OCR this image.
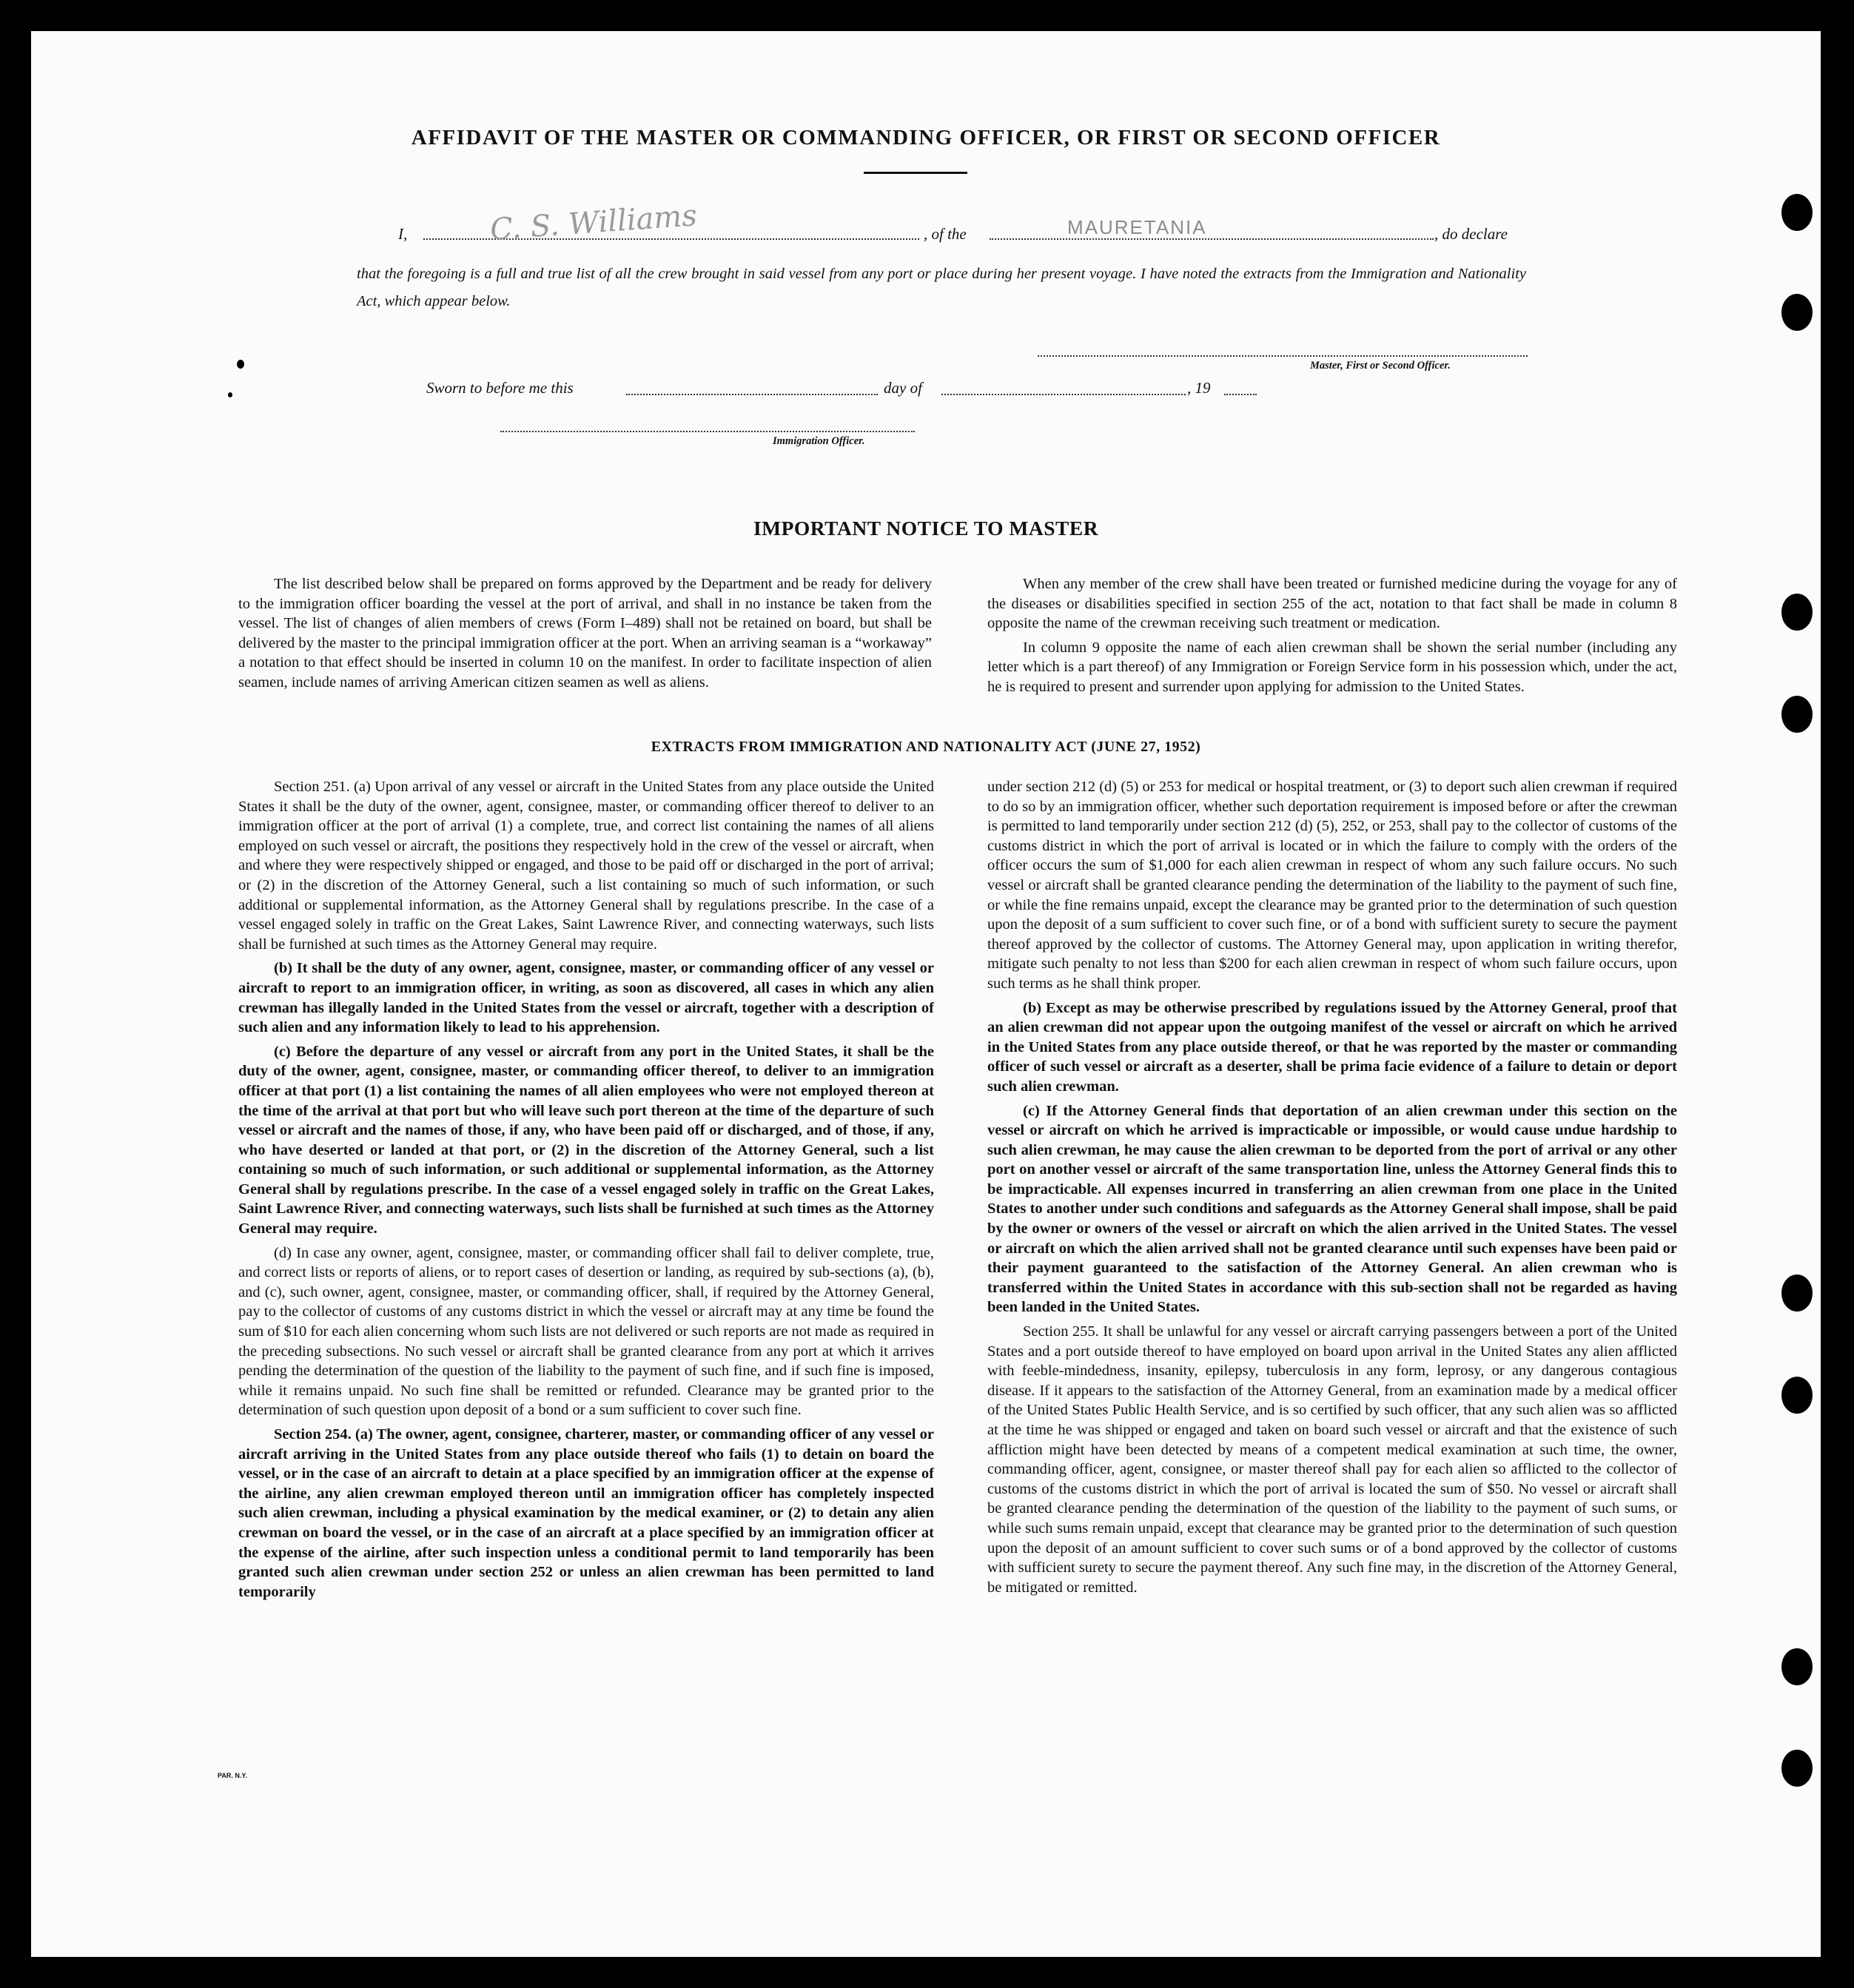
AFFIDAVIT OF THE MASTER OR COMMANDING OFFICER, OR FIRST OR SECOND OFFICER
I,	C. S. Williams	, of the	MAURETANIA	, do declare
that the foregoing is a full and true list of all the crew brought in said vessel from any port or place during her present voyage. I have noted the extracts from the Immigration and Nationality Act, which appear below.
Master, First or Second Officer.
Sworn to before me this	day of	, 19
Immigration Officer.
IMPORTANT NOTICE TO MASTER

The list described below shall be prepared on forms approved by the Department and be ready for delivery to the immigration officer boarding the vessel at the port of arrival, and shall in no instance be taken from the vessel. The list of changes of alien members of crews (Form I–489) shall not be retained on board, but shall be delivered by the master to the principal immigration officer at the port. When an arriving seaman is a “workaway” a notation to that effect should be inserted in column 10 on the manifest. In order to facilitate inspection of alien seamen, include names of arriving American citizen seamen as well as aliens.

When any member of the crew shall have been treated or furnished medicine during the voyage for any of the diseases or disabilities specified in section 255 of the act, notation to that fact shall be made in column 8 opposite the name of the crewman receiving such treatment or medication.

In column 9 opposite the name of each alien crewman shall be shown the serial number (including any letter which is a part thereof) of any Immigration or Foreign Service form in his possession which, under the act, he is required to present and surrender upon applying for admission to the United States.

EXTRACTS FROM IMMIGRATION AND NATIONALITY ACT (JUNE 27, 1952)

Section 251. (a) Upon arrival of any vessel or aircraft in the United States from any place outside the United States it shall be the duty of the owner, agent, consignee, master, or commanding officer thereof to deliver to an immigration officer at the port of arrival (1) a complete, true, and correct list containing the names of all aliens employed on such vessel or aircraft, the positions they respectively hold in the crew of the vessel or aircraft, when and where they were respectively shipped or engaged, and those to be paid off or discharged in the port of arrival; or (2) in the discretion of the Attorney General, such a list containing so much of such information, or such additional or supplemental information, as the Attorney General shall by regulations prescribe. In the case of a vessel engaged solely in traffic on the Great Lakes, Saint Lawrence River, and connecting waterways, such lists shall be furnished at such times as the Attorney General may require.

(b) It shall be the duty of any owner, agent, consignee, master, or commanding officer of any vessel or aircraft to report to an immigration officer, in writing, as soon as discovered, all cases in which any alien crewman has illegally landed in the United States from the vessel or aircraft, together with a description of such alien and any information likely to lead to his apprehension.

(c) Before the departure of any vessel or aircraft from any port in the United States, it shall be the duty of the owner, agent, consignee, master, or commanding officer thereof, to deliver to an immigration officer at that port (1) a list containing the names of all alien employees who were not employed thereon at the time of the arrival at that port but who will leave such port thereon at the time of the departure of such vessel or aircraft and the names of those, if any, who have been paid off or discharged, and of those, if any, who have deserted or landed at that port, or (2) in the discretion of the Attorney General, such a list containing so much of such information, or such additional or supplemental information, as the Attorney General shall by regulations prescribe. In the case of a vessel engaged solely in traffic on the Great Lakes, Saint Lawrence River, and connecting waterways, such lists shall be furnished at such times as the Attorney General may require.

(d) In case any owner, agent, consignee, master, or commanding officer shall fail to deliver complete, true, and correct lists or reports of aliens, or to report cases of desertion or landing, as required by sub-sections (a), (b), and (c), such owner, agent, consignee, master, or commanding officer, shall, if required by the Attorney General, pay to the collector of customs of any customs district in which the vessel or aircraft may at any time be found the sum of $10 for each alien concerning whom such lists are not delivered or such reports are not made as required in the preceding subsections. No such vessel or aircraft shall be granted clearance from any port at which it arrives pending the determination of the question of the liability to the payment of such fine, and if such fine is imposed, while it remains unpaid. No such fine shall be remitted or refunded. Clearance may be granted prior to the determination of such question upon deposit of a bond or a sum sufficient to cover such fine.

Section 254. (a) The owner, agent, consignee, charterer, master, or commanding officer of any vessel or aircraft arriving in the United States from any place outside thereof who fails (1) to detain on board the vessel, or in the case of an aircraft to detain at a place specified by an immigration officer at the expense of the airline, any alien crewman employed thereon until an immigration officer has completely inspected such alien crewman, including a physical examination by the medical examiner, or (2) to detain any alien crewman on board the vessel, or in the case of an aircraft at a place specified by an immigration officer at the expense of the airline, after such inspection unless a conditional permit to land temporarily has been granted such alien crewman under section 252 or unless an alien crewman has been permitted to land temporarily

under section 212 (d) (5) or 253 for medical or hospital treatment, or (3) to deport such alien crewman if required to do so by an immigration officer, whether such deportation requirement is imposed before or after the crewman is permitted to land temporarily under section 212 (d) (5), 252, or 253, shall pay to the collector of customs of the customs district in which the port of arrival is located or in which the failure to comply with the orders of the officer occurs the sum of $1,000 for each alien crewman in respect of whom any such failure occurs. No such vessel or aircraft shall be granted clearance pending the determination of the liability to the payment of such fine, or while the fine remains unpaid, except the clearance may be granted prior to the determination of such question upon the deposit of a sum sufficient to cover such fine, or of a bond with sufficient surety to secure the payment thereof approved by the collector of customs. The Attorney General may, upon application in writing therefor, mitigate such penalty to not less than $200 for each alien crewman in respect of whom such failure occurs, upon such terms as he shall think proper.

(b) Except as may be otherwise prescribed by regulations issued by the Attorney General, proof that an alien crewman did not appear upon the outgoing manifest of the vessel or aircraft on which he arrived in the United States from any place outside thereof, or that he was reported by the master or commanding officer of such vessel or aircraft as a deserter, shall be prima facie evidence of a failure to detain or deport such alien crewman.

(c) If the Attorney General finds that deportation of an alien crewman under this section on the vessel or aircraft on which he arrived is impracticable or impossible, or would cause undue hardship to such alien crewman, he may cause the alien crewman to be deported from the port of arrival or any other port on another vessel or aircraft of the same transportation line, unless the Attorney General finds this to be impracticable. All expenses incurred in transferring an alien crewman from one place in the United States to another under such conditions and safeguards as the Attorney General shall impose, shall be paid by the owner or owners of the vessel or aircraft on which the alien arrived in the United States. The vessel or aircraft on which the alien arrived shall not be granted clearance until such expenses have been paid or their payment guaranteed to the satisfaction of the Attorney General. An alien crewman who is transferred within the United States in accordance with this sub-section shall not be regarded as having been landed in the United States.

Section 255. It shall be unlawful for any vessel or aircraft carrying passengers between a port of the United States and a port outside thereof to have employed on board upon arrival in the United States any alien afflicted with feeble-mindedness, insanity, epilepsy, tuberculosis in any form, leprosy, or any dangerous contagious disease. If it appears to the satisfaction of the Attorney General, from an examination made by a medical officer of the United States Public Health Service, and is so certified by such officer, that any such alien was so afflicted at the time he was shipped or engaged and taken on board such vessel or aircraft and that the existence of such affliction might have been detected by means of a competent medical examination at such time, the owner, commanding officer, agent, consignee, or master thereof shall pay for each alien so afflicted to the collector of customs of the customs district in which the port of arrival is located the sum of $50. No vessel or aircraft shall be granted clearance pending the determination of the question of the liability to the payment of such sums, or while such sums remain unpaid, except that clearance may be granted prior to the determination of such question upon the deposit of an amount sufficient to cover such sums or of a bond approved by the collector of customs with sufficient surety to secure the payment thereof. Any such fine may, in the discretion of the Attorney General, be mitigated or remitted.

PAR. N.Y.
